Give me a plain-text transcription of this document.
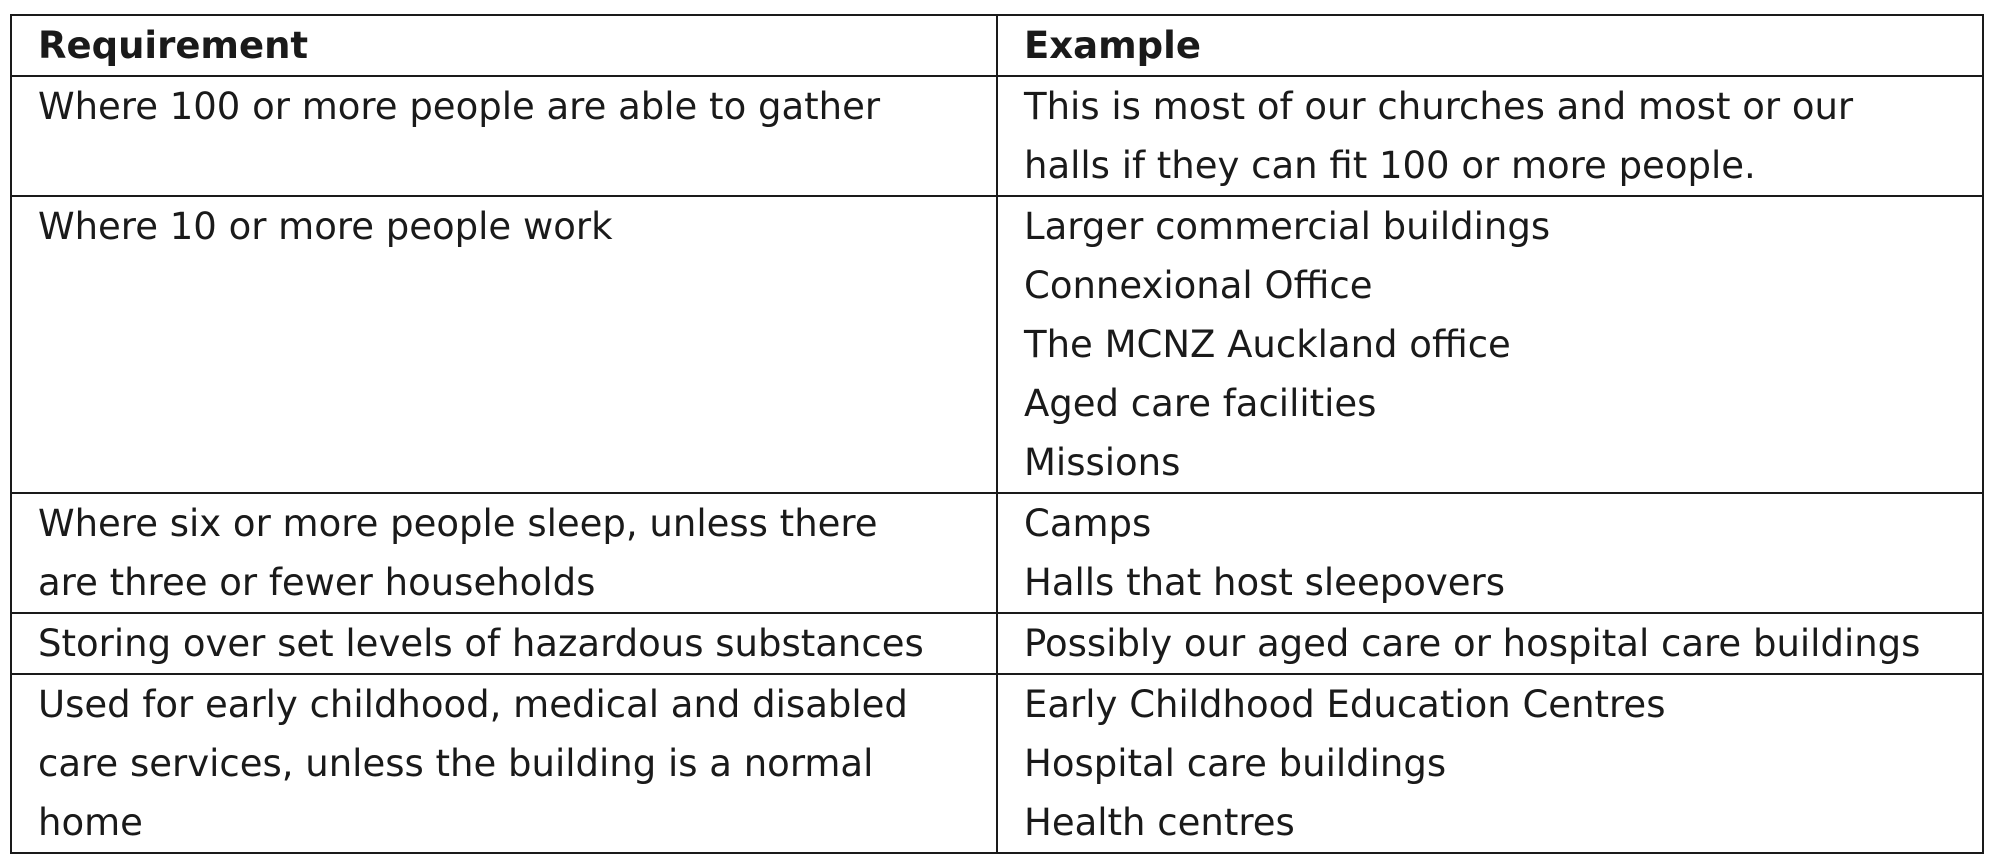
Requirement	Example

Where 100 or more people are able to gather	This is most of our churches and most or our
halls if they can fit 100 or more people.

Where 10 or more people work	Larger commercial buildings
Connexional Office
The MCNZ Auckland office
Aged care facilities
Missions

Where six or more people sleep, unless there
are three or fewer households	Camps
Halls that host sleepovers

Storing over set levels of hazardous substances	Possibly our aged care or hospital care buildings

Used for early childhood, medical and disabled
care services, unless the building is a normal
home	Early Childhood Education Centres
Hospital care buildings
Health centres
